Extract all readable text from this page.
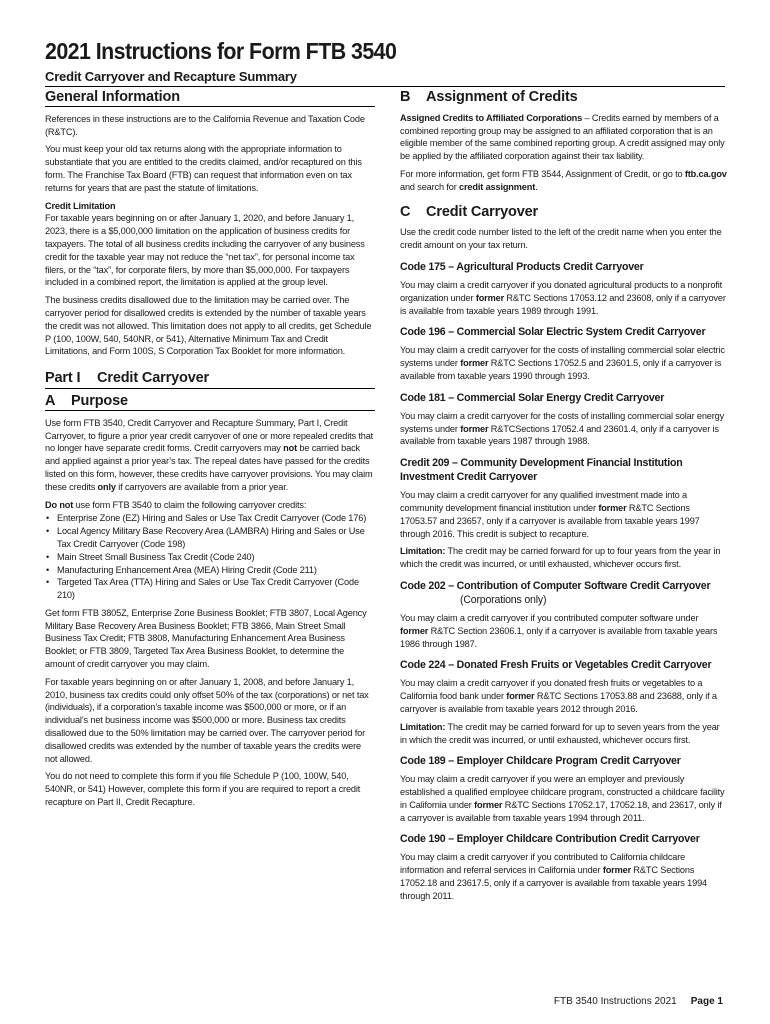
2021 Instructions for Form FTB 3540
Credit Carryover and Recapture Summary
General Information

References in these instructions are to the California Revenue and Taxation Code (R&TC).

You must keep your old tax returns along with the appropriate information to substantiate that you are entitled to the credits claimed, and/or recaptured on this form. The Franchise Tax Board (FTB) can request that information even on tax returns for years that are past the statute of limitations.

Credit Limitation

For taxable years beginning on or after January 1, 2020, and before January 1, 2023, there is a $5,000,000 limitation on the application of business credits for taxpayers. The total of all business credits including the carryover of any business credit for the taxable year may not reduce the “net tax”, for personal income tax filers, or the “tax”, for corporate filers, by more than $5,000,000. For taxpayers included in a combined report, the limitation is applied at the group level.

The business credits disallowed due to the limitation may be carried over. The carryover period for disallowed credits is extended by the number of taxable years the credit was not allowed. This limitation does not apply to all credits, get Schedule P (100, 100W, 540, 540NR, or 541), Alternative Minimum Tax and Credit Limitations, and Form 100S, S Corporation Tax Booklet for more information.

Part I Credit Carryover
A Purpose

Use form FTB 3540, Credit Carryover and Recapture Summary, Part I, Credit Carryover, to figure a prior year credit carryover of one or more repealed credits that no longer have separate credit forms. Credit carryovers may not be carried back and applied against a prior year’s tax. The repeal dates have passed for the credits listed on this form, however, these credits have carryover provisions. You may claim these credits only if carryovers are available from a prior year.

Do not use form FTB 3540 to claim the following carryover credits:

• Enterprise Zone (EZ) Hiring and Sales or Use Tax Credit Carryover (Code 176)
• Local Agency Military Base Recovery Area (LAMBRA) Hiring and Sales or Use Tax Credit Carryover (Code 198)
• Main Street Small Business Tax Credit (Code 240)
• Manufacturing Enhancement Area (MEA) Hiring Credit (Code 211)
• Targeted Tax Area (TTA) Hiring and Sales or Use Tax Credit Carryover (Code 210)

Get form FTB 3805Z, Enterprise Zone Business Booklet; FTB 3807, Local Agency Military Base Recovery Area Business Booklet; FTB 3866, Main Street Small Business Tax Credit; FTB 3808, Manufacturing Enhancement Area Business Booklet; or FTB 3809, Targeted Tax Area Business Booklet, to determine the amount of credit carryover you may claim.

For taxable years beginning on or after January 1, 2008, and before January 1, 2010, business tax credits could only offset 50% of the tax (corporations) or net tax (individuals), if a corporation’s taxable income was $500,000 or more, or if an individual’s net business income was $500,000 or more. Business tax credits disallowed due to the 50% limitation may be carried over. The carryover period for disallowed credits was extended by the number of taxable years the credits were not allowed.

You do not need to complete this form if you file Schedule P (100, 100W, 540, 540NR, or 541) However, complete this form if you are required to report a credit recapture on Part II, Credit Recapture.

B Assignment of Credits

Assigned Credits to Affiliated Corporations – Credits earned by members of a combined reporting group may be assigned to an affiliated corporation that is an eligible member of the same combined reporting group. A credit assigned may only be applied by the affiliated corporation against their tax liability.

For more information, get form FTB 3544, Assignment of Credit, or go to ftb.ca.gov and search for credit assignment.

C Credit Carryover

Use the credit code number listed to the left of the credit name when you enter the credit amount on your tax return.

Code 175 – Agricultural Products Credit Carryover

You may claim a credit carryover if you donated agricultural products to a nonprofit organization under former R&TC Sections 17053.12 and 23608, only if a carryover is available from taxable years 1989 through 1991.

Code 196 – Commercial Solar Electric System Credit Carryover

You may claim a credit carryover for the costs of installing commercial solar electric systems under former R&TC Sections 17052.5 and 23601.5, only if a carryover is available from taxable years 1990 through 1993.

Code 181 – Commercial Solar Energy Credit Carryover

You may claim a credit carryover for the costs of installing commercial solar energy systems under former R&TCSections 17052.4 and 23601.4, only if a carryover is available from taxable years 1987 through 1988.

Credit 209 – Community Development Financial Institution Investment Credit Carryover

You may claim a credit carryover for any qualified investment made into a community development financial institution under former R&TC Sections 17053.57 and 23657, only if a carryover is available from taxable years 1997 through 2016. This credit is subject to recapture.

Limitation: The credit may be carried forward for up to four years from the year in which the credit was incurred, or until exhausted, whichever occurs first.

Code 202 – Contribution of Computer Software Credit Carryover
(Corporations only)

You may claim a credit carryover if you contributed computer software under former R&TC Section 23606.1, only if a carryover is available from taxable years 1986 through 1987.

Code 224 – Donated Fresh Fruits or Vegetables Credit Carryover

You may claim a credit carryover if you donated fresh fruits or vegetables to a California food bank under former R&TC Sections 17053.88 and 23688, only if a carryover is available from taxable years 2012 through 2016.

Limitation: The credit may be carried forward for up to seven years from the year in which the credit was incurred, or until exhausted, whichever occurs first.

Code 189 – Employer Childcare Program Credit Carryover

You may claim a credit carryover if you were an employer and previously established a qualified employee childcare program, constructed a childcare facility in California under former R&TC Sections 17052.17, 17052.18, and 23617, only if a carryover is available from taxable years 1994 through 2011.

Code 190 – Employer Childcare Contribution Credit Carryover

You may claim a credit carryover if you contributed to California childcare information and referral services in California under former R&TC Sections 17052.18 and 23617.5, only if a carryover is available from taxable years 1994 through 2011.

FTB 3540 Instructions 2021 Page 1
